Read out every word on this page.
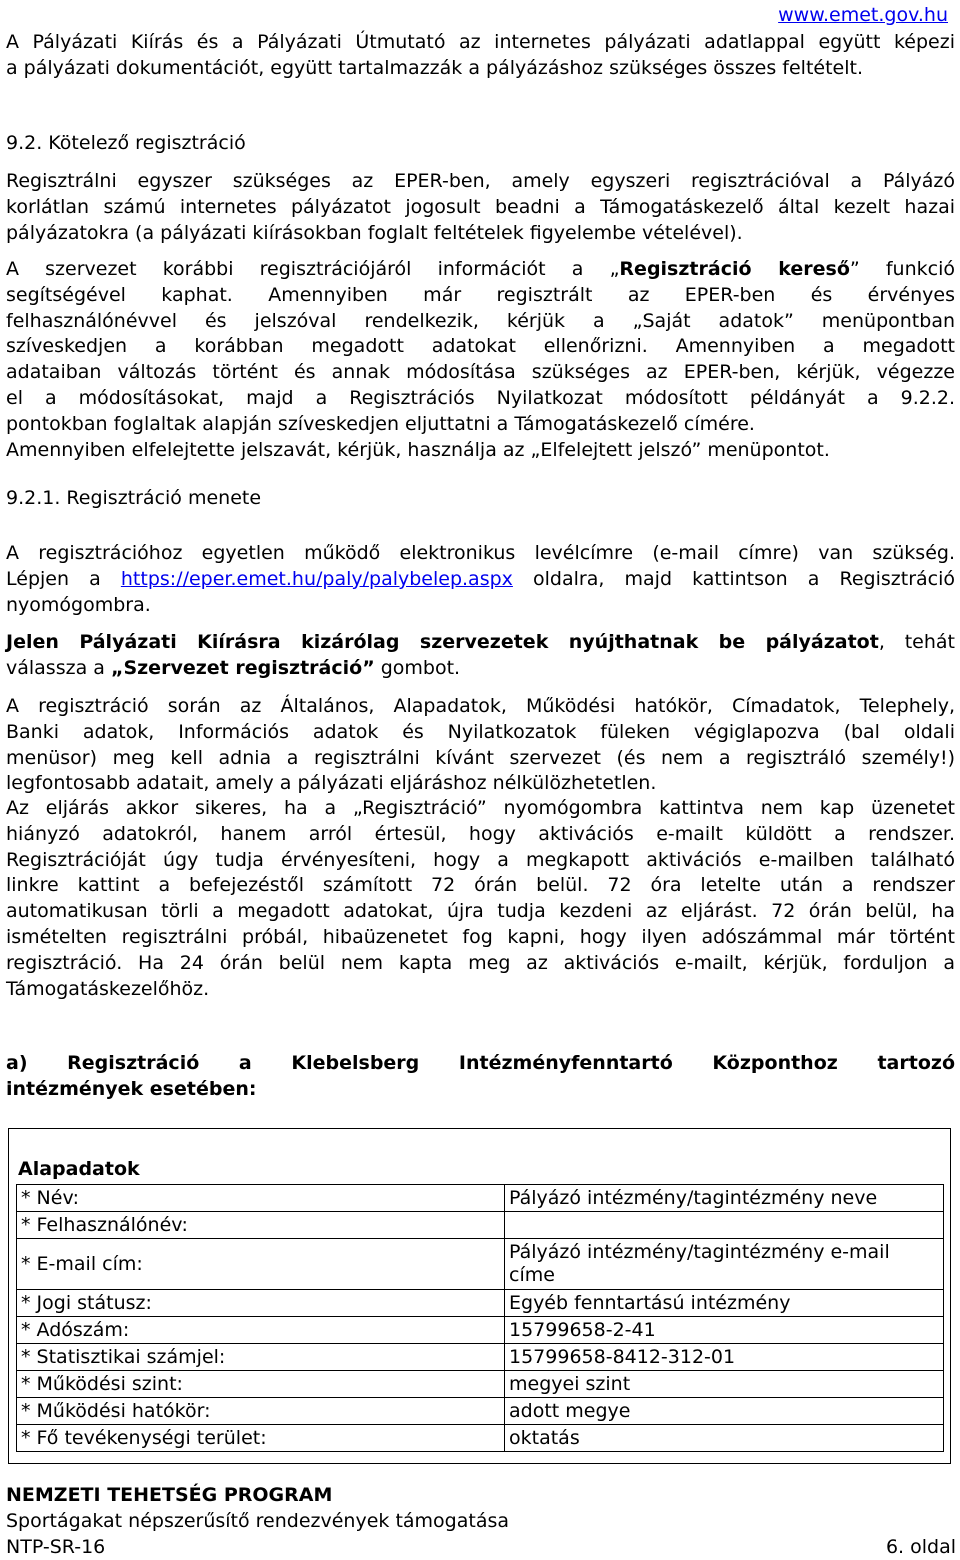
www.emet.gov.hu
A Pályázati Kiírás és a Pályázati Útmutató az internetes pályázati adatlappal együtt képezi
a pályázati dokumentációt, együtt tartalmazzák a pályázáshoz szükséges összes feltételt.
9.2. Kötelező regisztráció
Regisztrálni egyszer szükséges az EPER-ben, amely egyszeri regisztrációval a Pályázó
korlátlan számú internetes pályázatot jogosult beadni a Támogatáskezelő által kezelt hazai
pályázatokra (a pályázati kiírásokban foglalt feltételek figyelembe vételével).
A szervezet korábbi regisztrációjáról információt a „Regisztráció kereső” funkció
segítségével kaphat. Amennyiben már regisztrált az EPER-ben és érvényes
felhasználónévvel és jelszóval rendelkezik, kérjük a „Saját adatok” menüpontban
szíveskedjen a korábban megadott adatokat ellenőrizni. Amennyiben a megadott
adataiban változás történt és annak módosítása szükséges az EPER-ben, kérjük, végezze
el a módosításokat, majd a Regisztrációs Nyilatkozat módosított példányát a 9.2.2.
pontokban foglaltak alapján szíveskedjen eljuttatni a Támogatáskezelő címére.
Amennyiben elfelejtette jelszavát, kérjük, használja az „Elfelejtett jelszó” menüpontot.
9.2.1. Regisztráció menete
A regisztrációhoz egyetlen működő elektronikus levélcímre (e-mail címre) van szükség.
Lépjen a https://eper.emet.hu/paly/palybelep.aspx oldalra, majd kattintson a Regisztráció
nyomógombra.
Jelen Pályázati Kiírásra kizárólag szervezetek nyújthatnak be pályázatot, tehát
válassza a „Szervezet regisztráció” gombot.
A regisztráció során az Általános, Alapadatok, Működési hatókör, Címadatok, Telephely,
Banki adatok, Információs adatok és Nyilatkozatok füleken végiglapozva (bal oldali
menüsor) meg kell adnia a regisztrálni kívánt szervezet (és nem a regisztráló személy!)
legfontosabb adatait, amely a pályázati eljáráshoz nélkülözhetetlen.
Az eljárás akkor sikeres, ha a „Regisztráció” nyomógombra kattintva nem kap üzenetet
hiányzó adatokról, hanem arról értesül, hogy aktivációs e-mailt küldött a rendszer.
Regisztrációját úgy tudja érvényesíteni, hogy a megkapott aktivációs e-mailben található
linkre kattint a befejezéstől számított 72 órán belül. 72 óra letelte után a rendszer
automatikusan törli a megadott adatokat, újra tudja kezdeni az eljárást. 72 órán belül, ha
ismételten regisztrálni próbál, hibaüzenetet fog kapni, hogy ilyen adószámmal már történt
regisztráció. Ha 24 órán belül nem kapta meg az aktivációs e-mailt, kérjük, forduljon a
Támogatáskezelőhöz.
a) Regisztráció a Klebelsberg Intézményfenntartó Központhoz tartozó
intézmények esetében:
Alapadatok
* Név:	Pályázó intézmény/tagintézmény neve
* Felhasználónév:	
* E-mail cím:	Pályázó intézmény/tagintézmény e-mail címe
* Jogi státusz:	Egyéb fenntartású intézmény
* Adószám:	15799658-2-41
* Statisztikai számjel:	15799658-8412-312-01
* Működési szint:	megyei szint
* Működési hatókör:	adott megye
* Fő tevékenységi terület:	oktatás
NEMZETI TEHETSÉG PROGRAM
Sportágakat népszerűsítő rendezvények támogatása
NTP-SR-16	6. oldal
